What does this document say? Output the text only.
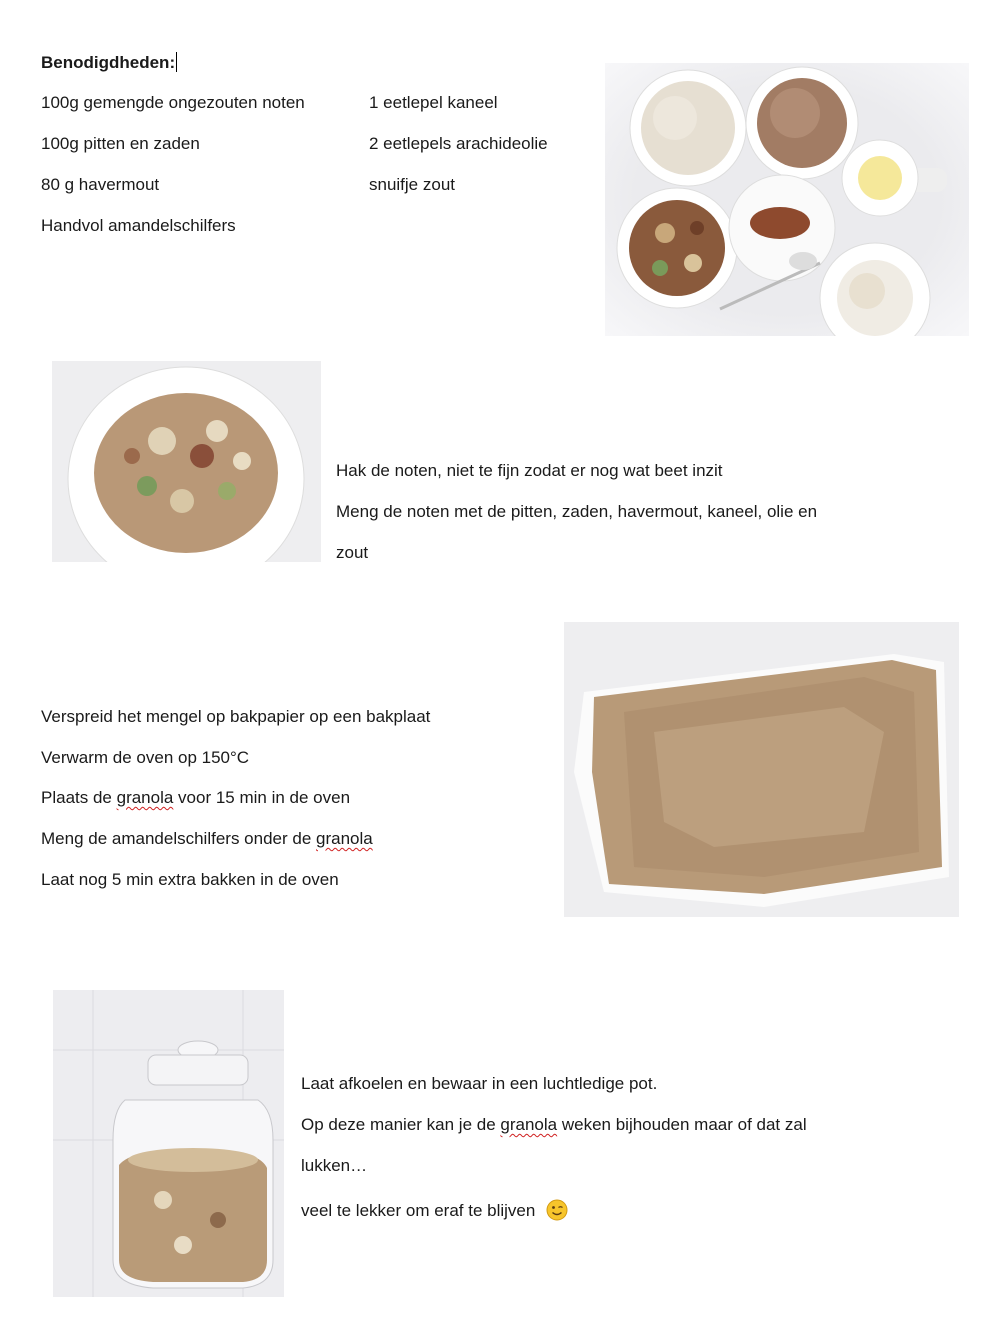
Benodigdheden:
100g gemengde ongezouten noten
100g pitten en zaden
80 g havermout
Handvol amandelschilfers
1 eetlepel kaneel
2 eetlepels arachideolie
snuifje zout
Hak de noten, niet te fijn zodat er nog wat beet inzit
Meng de noten met de pitten, zaden, havermout, kaneel, olie en
zout
Verspreid het mengel op bakpapier op een bakplaat
Verwarm de oven op 150°C
Plaats de granola voor 15 min in de oven
Meng de amandelschilfers onder de granola
Laat nog 5 min extra bakken in de oven
Laat afkoelen en bewaar in een luchtledige pot.
Op deze manier kan je de granola weken bijhouden maar of dat zal
lukken…
veel te lekker om eraf te blijven
